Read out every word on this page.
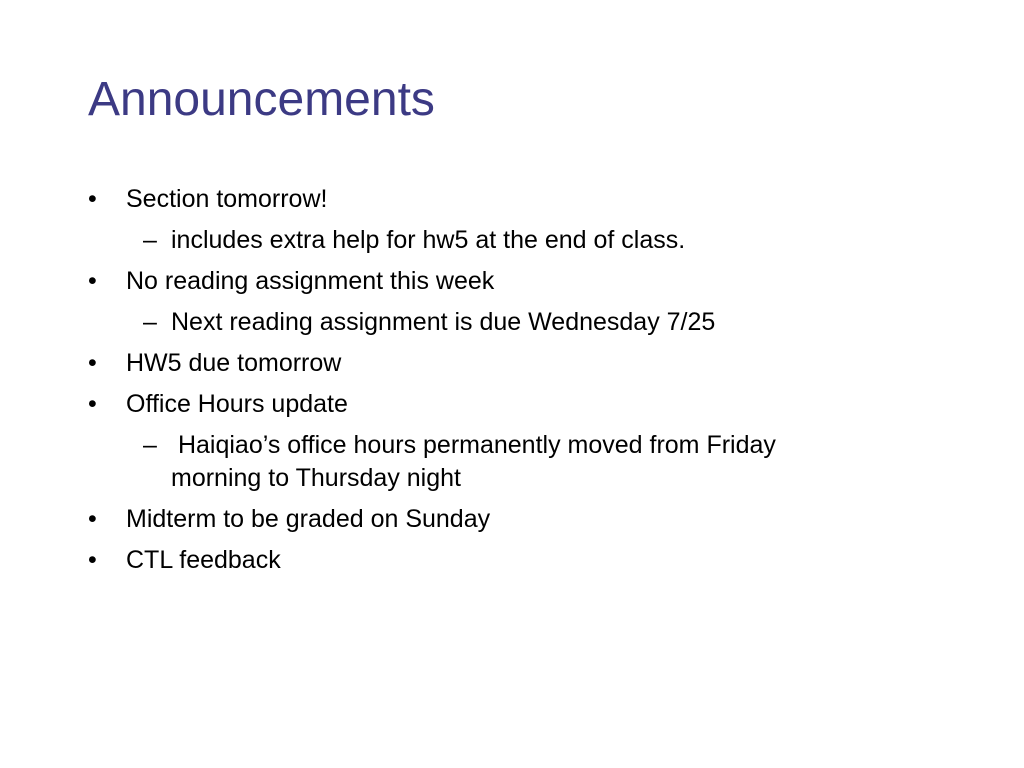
Announcements
• Section tomorrow!
– includes extra help for hw5 at the end of class.
• No reading assignment this week
– Next reading assignment is due Wednesday 7/25
• HW5 due tomorrow
• Office Hours update
– Haiqiao’s office hours permanently moved from Friday morning to Thursday night
• Midterm to be graded on Sunday
• CTL feedback
